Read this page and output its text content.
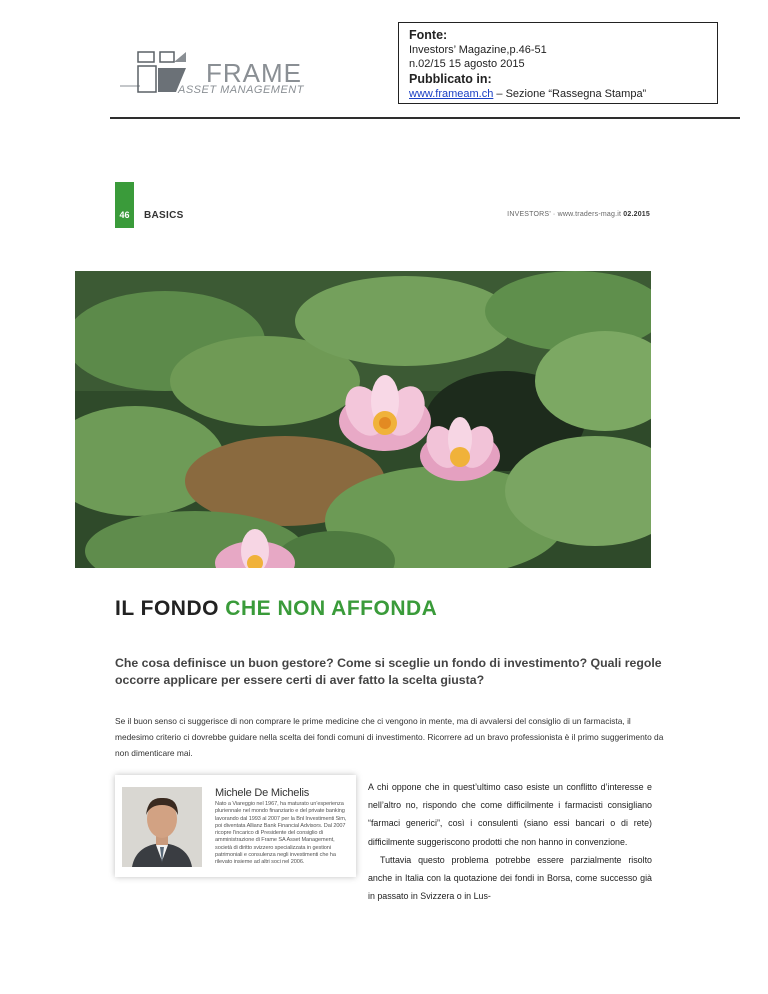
Fonte:
Investors’ Magazine,p.46-51
n.02/15 15 agosto 2015
Pubblicato in:
www.frameam.ch – Sezione “Rassegna Stampa”
FRAME
ASSET MANAGEMENT
46	BASICS	INVESTORS’ · www.traders-mag.it 02.2015
IL FONDO CHE NON AFFONDA
Che cosa definisce un buon gestore? Come si sceglie un fondo di investimento? Quali regole occorre applicare per essere certi di aver fatto la scelta giusta?
Se il buon senso ci suggerisce di non comprare le prime medicine che ci vengono in mente, ma di avvalersi del consiglio di un farmacista, il medesimo criterio ci dovrebbe guidare nella scelta dei fondi comuni di investimento. Ricorrere ad un bravo professionista è il primo suggerimento da non dimenticare mai.
Michele De Michelis
Nato a Viareggio nel 1967, ha maturato un’esperienza pluriennale nel mondo finanziario e del private banking lavorando dal 1993 al 2007 per la Bnl Investimenti Sim, poi diventata Allianz Bank Financial Advisors. Dal 2007 ricopre l’incarico di Presidente del consiglio di amministrazione di Frame SA Asset Management, società di diritto svizzero specializzata in gestioni patrimoniali e consulenza negli investimenti che ha rilevato insieme ad altri soci nel 2006.

A chi oppone che in quest’ultimo caso esiste un conflitto d’interesse e nell’altro no, rispondo che come difficilmente i farmacisti consigliano “farmaci generici”, così i consulenti (siano essi bancari o di rete) difficilmente suggeriscono prodotti che non hanno in convenzione.

Tuttavia questo problema potrebbe essere parzialmente risolto anche in Italia con la quotazione dei fondi in Borsa, come successo già in passato in Svizzera o in Lus-
